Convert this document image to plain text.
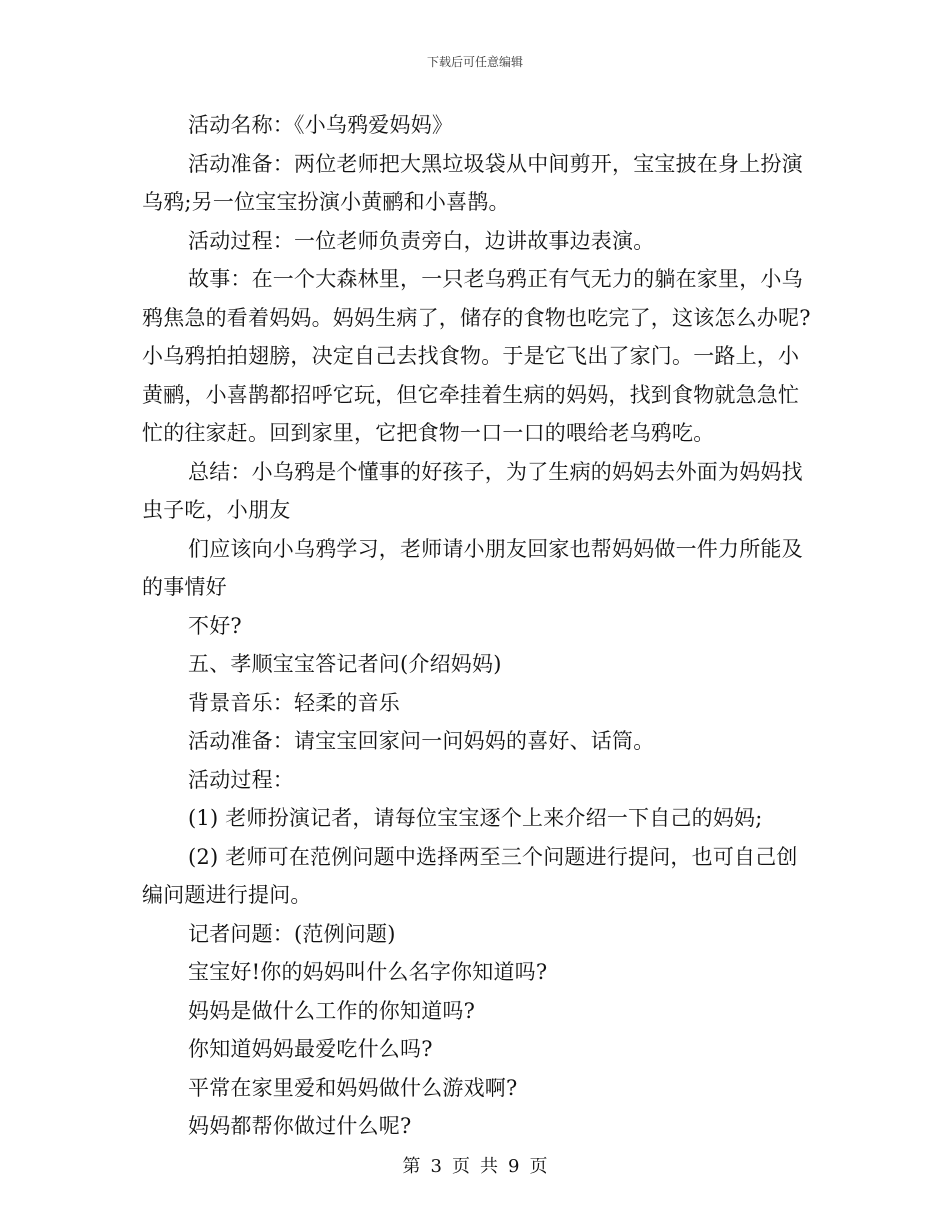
下载后可任意编辑

活动名称：《小乌鸦爱妈妈》

活动准备：两位老师把大黑垃圾袋从中间剪开，宝宝披在身上扮演乌鸦;另一位宝宝扮演小黄鹂和小喜鹊。

活动过程：一位老师负责旁白，边讲故事边表演。

故事：在一个大森林里，一只老乌鸦正有气无力的躺在家里，小乌鸦焦急的看着妈妈。妈妈生病了，储存的食物也吃完了，这该怎么办呢?小乌鸦拍拍翅膀，决定自己去找食物。于是它飞出了家门。一路上，小黄鹂，小喜鹊都招呼它玩，但它牵挂着生病的妈妈，找到食物就急急忙忙的往家赶。回到家里，它把食物一口一口的喂给老乌鸦吃。

总结：小乌鸦是个懂事的好孩子，为了生病的妈妈去外面为妈妈找虫子吃，小朋友

们应该向小乌鸦学习，老师请小朋友回家也帮妈妈做一件力所能及的事情好

不好?

五、孝顺宝宝答记者问(介绍妈妈)

背景音乐：轻柔的音乐

活动准备：请宝宝回家问一问妈妈的喜好、话筒。

活动过程：

(1) 老师扮演记者，请每位宝宝逐个上来介绍一下自己的妈妈;

(2) 老师可在范例问题中选择两至三个问题进行提问，也可自己创编问题进行提问。

记者问题：(范例问题)

宝宝好!你的妈妈叫什么名字你知道吗?

妈妈是做什么工作的你知道吗?

你知道妈妈最爱吃什么吗?

平常在家里爱和妈妈做什么游戏啊?

妈妈都帮你做过什么呢?

第 3 页 共 9 页
